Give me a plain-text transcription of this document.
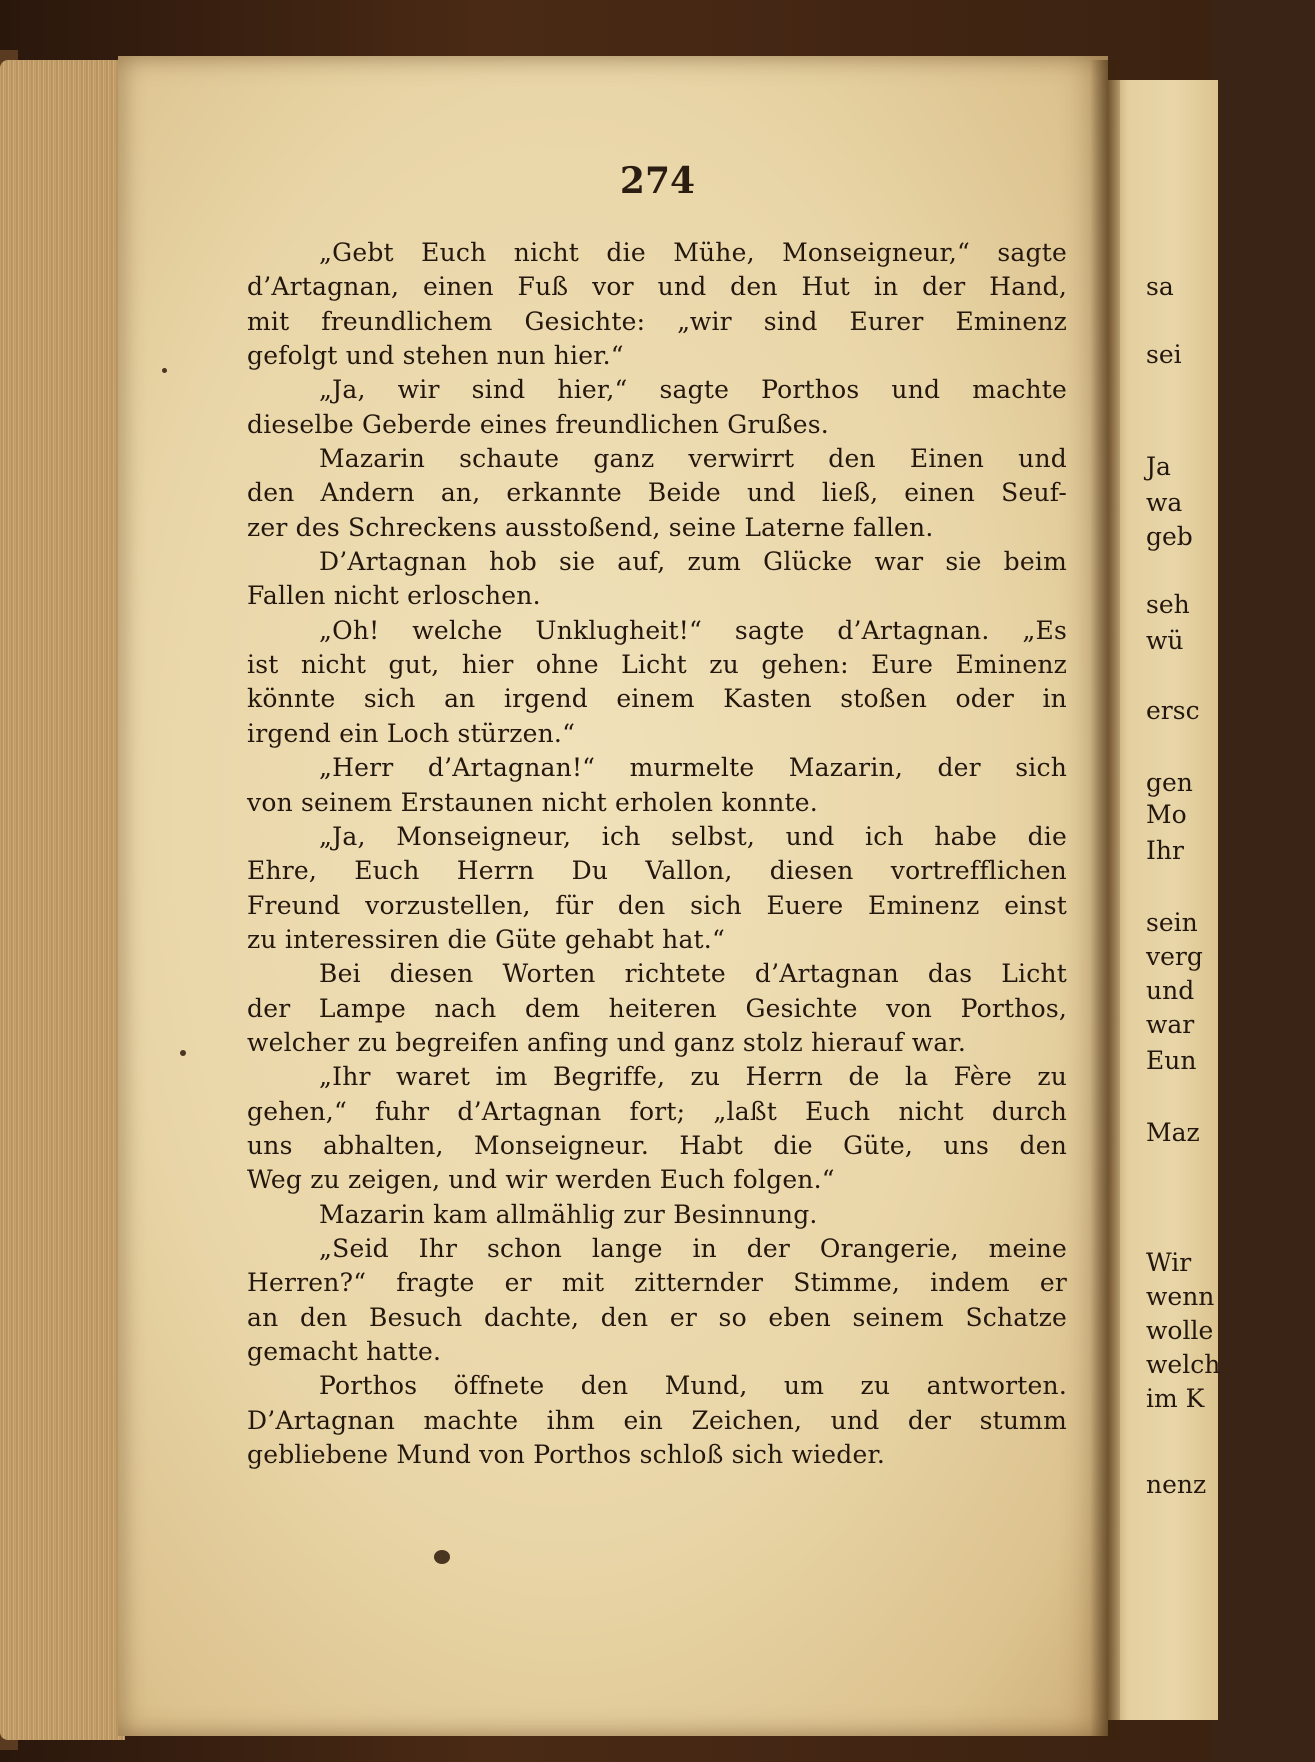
274
„Gebt Euch nicht die Mühe, Monseigneur,“ sagte
d’Artagnan, einen Fuß vor und den Hut in der Hand,
mit freundlichem Gesichte: „wir sind Eurer Eminenz
gefolgt und stehen nun hier.“
„Ja, wir sind hier,“ sagte Porthos und machte
dieselbe Geberde eines freundlichen Grußes.
Mazarin schaute ganz verwirrt den Einen und
den Andern an, erkannte Beide und ließ, einen Seuf-
zer des Schreckens ausstoßend, seine Laterne fallen.
D’Artagnan hob sie auf, zum Glücke war sie beim
Fallen nicht erloschen.
„Oh! welche Unklugheit!“ sagte d’Artagnan. „Es
ist nicht gut, hier ohne Licht zu gehen: Eure Eminenz
könnte sich an irgend einem Kasten stoßen oder in
irgend ein Loch stürzen.“
„Herr d’Artagnan!“ murmelte Mazarin, der sich
von seinem Erstaunen nicht erholen konnte.
„Ja, Monseigneur, ich selbst, und ich habe die
Ehre, Euch Herrn Du Vallon, diesen vortrefflichen
Freund vorzustellen, für den sich Euere Eminenz einst
zu interessiren die Güte gehabt hat.“
Bei diesen Worten richtete d’Artagnan das Licht
der Lampe nach dem heiteren Gesichte von Porthos,
welcher zu begreifen anfing und ganz stolz hierauf war.
„Ihr waret im Begriffe, zu Herrn de la Fère zu
gehen,“ fuhr d’Artagnan fort; „laßt Euch nicht durch
uns abhalten, Monseigneur. Habt die Güte, uns den
Weg zu zeigen, und wir werden Euch folgen.“
Mazarin kam allmählig zur Besinnung.
„Seid Ihr schon lange in der Orangerie, meine
Herren?“ fragte er mit zitternder Stimme, indem er
an den Besuch dachte, den er so eben seinem Schatze
gemacht hatte.
Porthos öffnete den Mund, um zu antworten.
D’Artagnan machte ihm ein Zeichen, und der stumm
gebliebene Mund von Porthos schloß sich wieder.
sa
sei
Ja
wa
geb
seh
wü
ersc
gen
Mo
Ihr
sein
verg
und
war
Eun
Maz
Wir
wenn
wolle
welch
im K
nenz
